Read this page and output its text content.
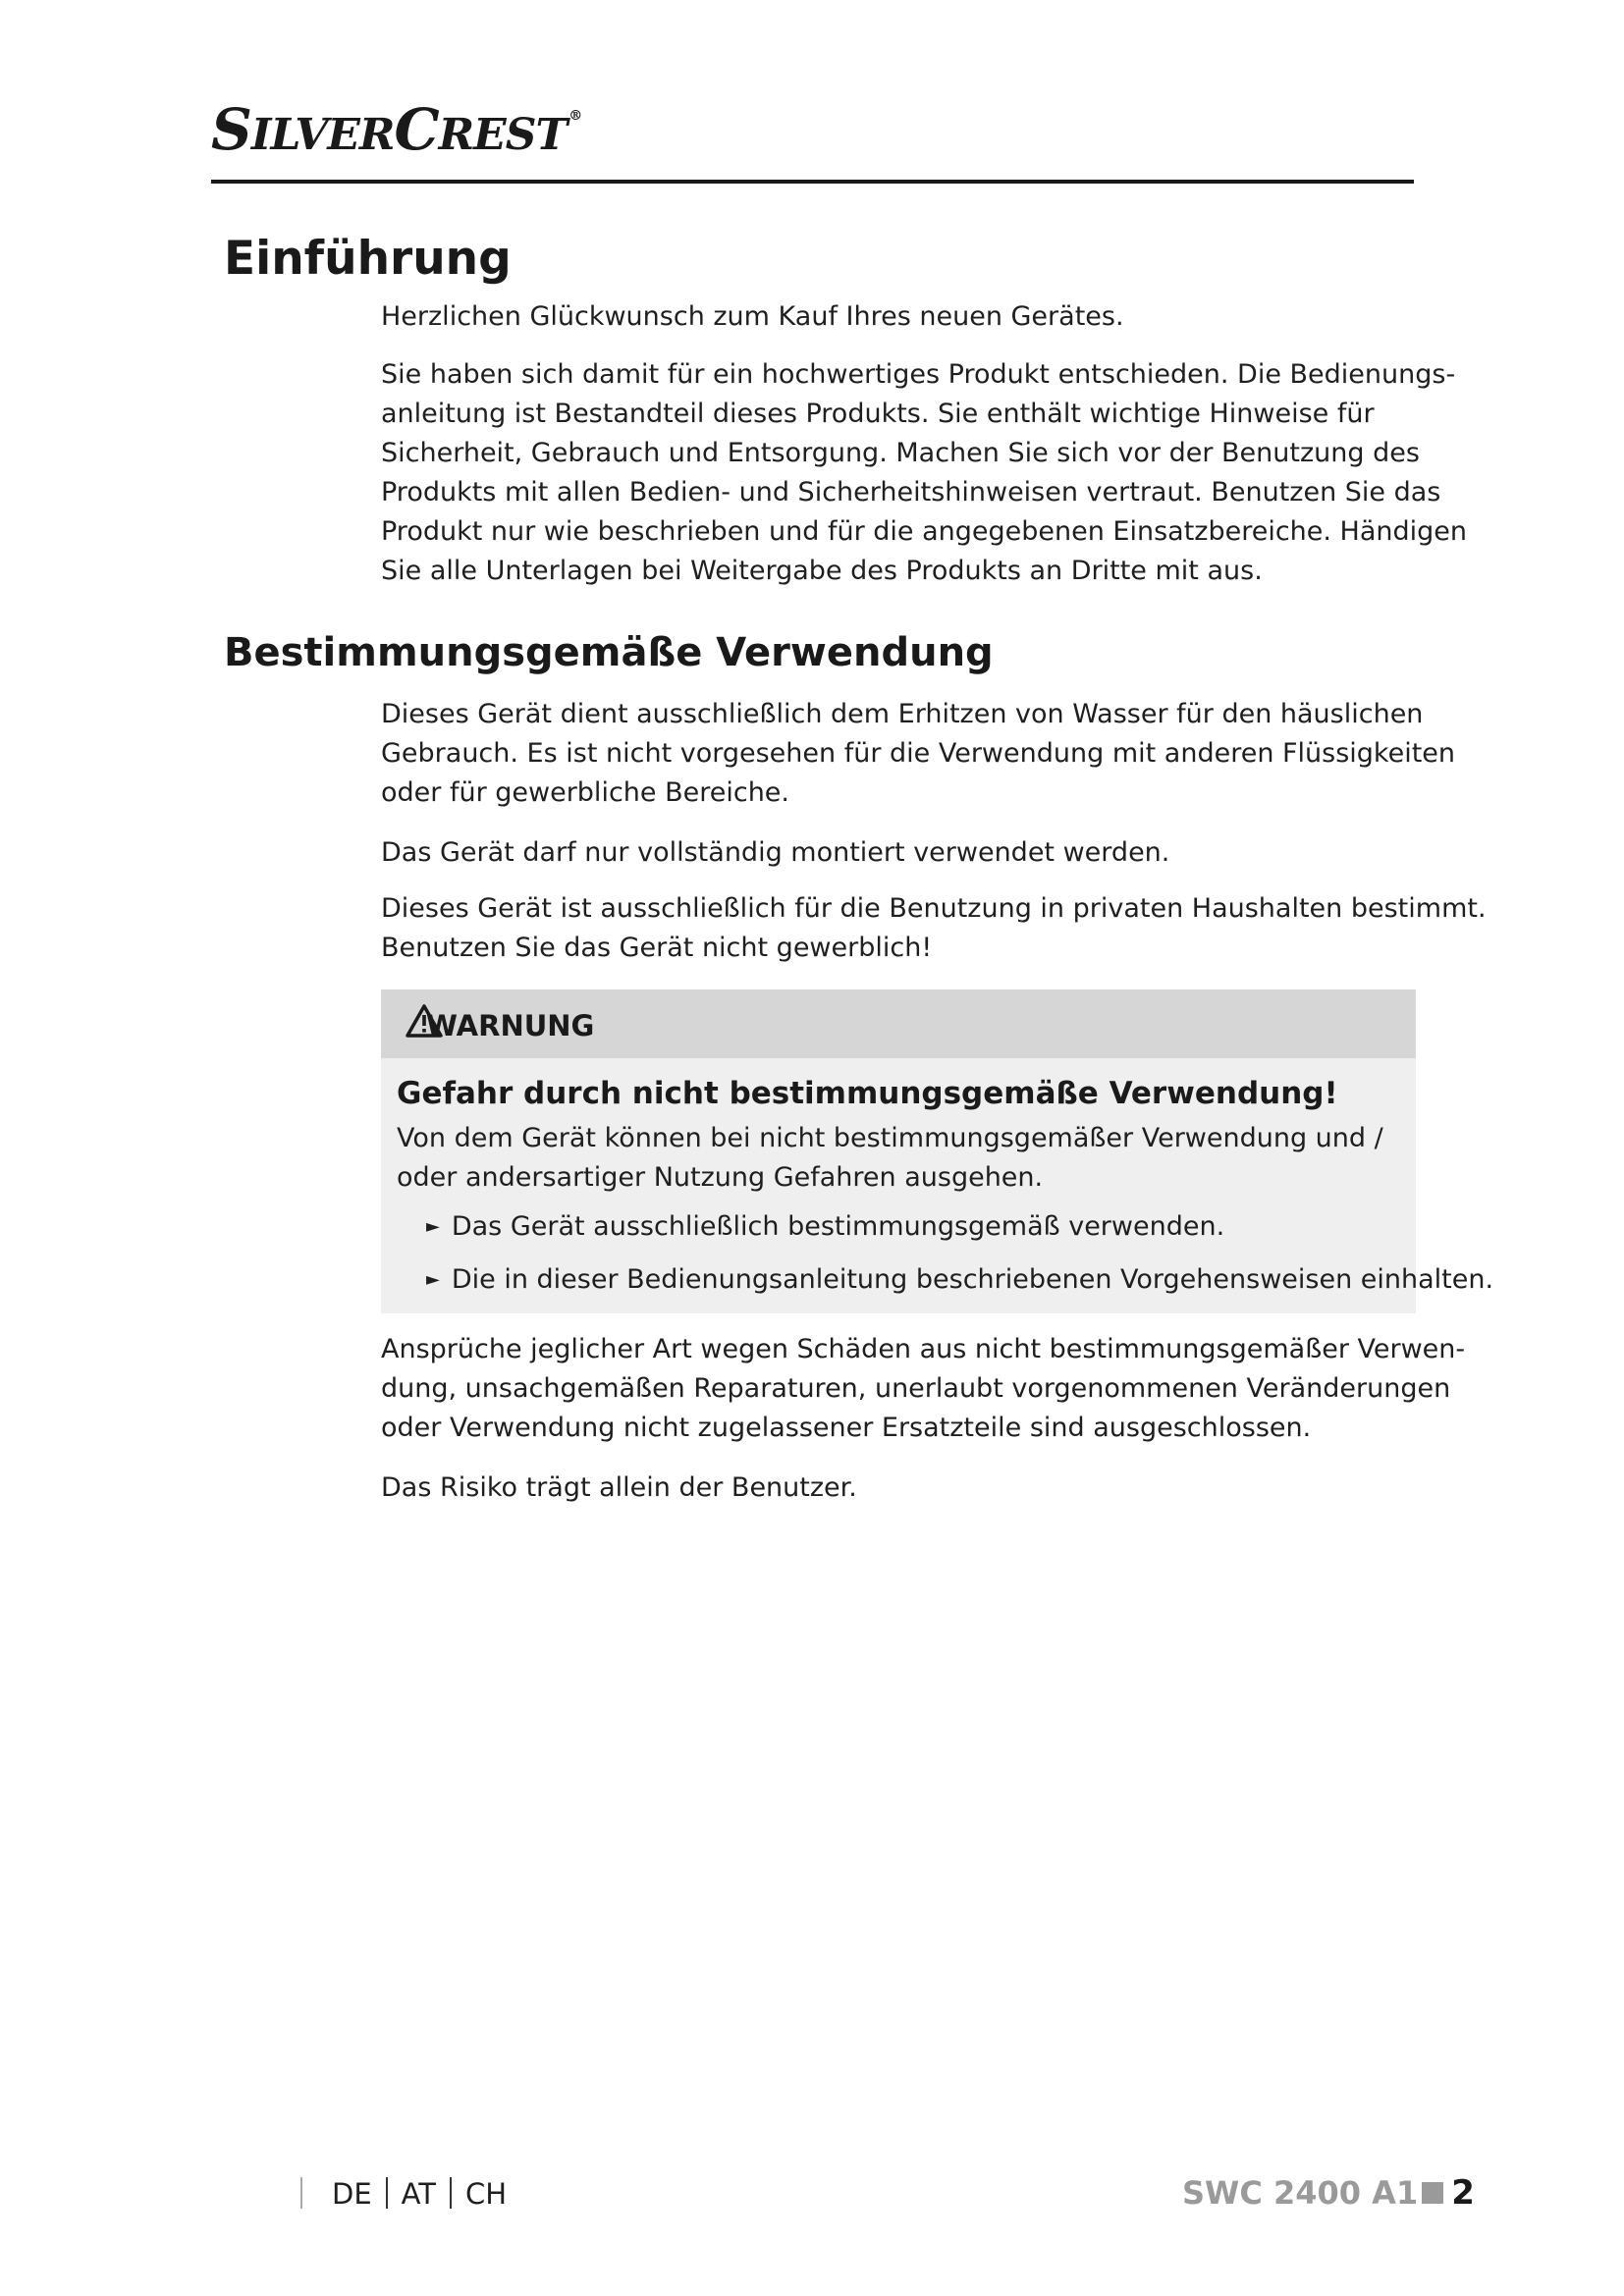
SILVERCREST ®
Einführung

Herzlichen Glückwunsch zum Kauf Ihres neuen Gerätes.

Sie haben sich damit für ein hochwertiges Produkt entschieden. Die Bedienungs-
anleitung ist Bestandteil dieses Produkts. Sie enthält wichtige Hinweise für
Sicherheit, Gebrauch und Entsorgung. Machen Sie sich vor der Benutzung des
Produkts mit allen Bedien- und Sicherheitshinweisen vertraut. Benutzen Sie das
Produkt nur wie beschrieben und für die angegebenen Einsatzbereiche. Händigen
Sie alle Unterlagen bei Weitergabe des Produkts an Dritte mit aus.

Bestimmungsgemäße Verwendung

Dieses Gerät dient ausschließlich dem Erhitzen von Wasser für den häuslichen
Gebrauch. Es ist nicht vorgesehen für die Verwendung mit anderen Flüssigkeiten
oder für gewerbliche Bereiche.

Das Gerät darf nur vollständig montiert verwendet werden.

Dieses Gerät ist ausschließlich für die Benutzung in privaten Haushalten bestimmt.
Benutzen Sie das Gerät nicht gewerblich!

WARNUNG
Gefahr durch nicht bestimmungsgemäße Verwendung!

Von dem Gerät können bei nicht bestimmungsgemäßer Verwendung und /
oder andersartiger Nutzung Gefahren ausgehen.

► Das Gerät ausschließlich bestimmungsgemäß verwenden.
► Die in dieser Bedienungsanleitung beschriebenen Vorgehensweisen einhalten.

Ansprüche jeglicher Art wegen Schäden aus nicht bestimmungsgemäßer Verwen-
dung, unsachgemäßen Reparaturen, unerlaubt vorgenommenen Veränderungen
oder Verwendung nicht zugelassener Ersatzteile sind ausgeschlossen.

Das Risiko trägt allein der Benutzer.

DE AT CH	SWC 2400 A1 2
